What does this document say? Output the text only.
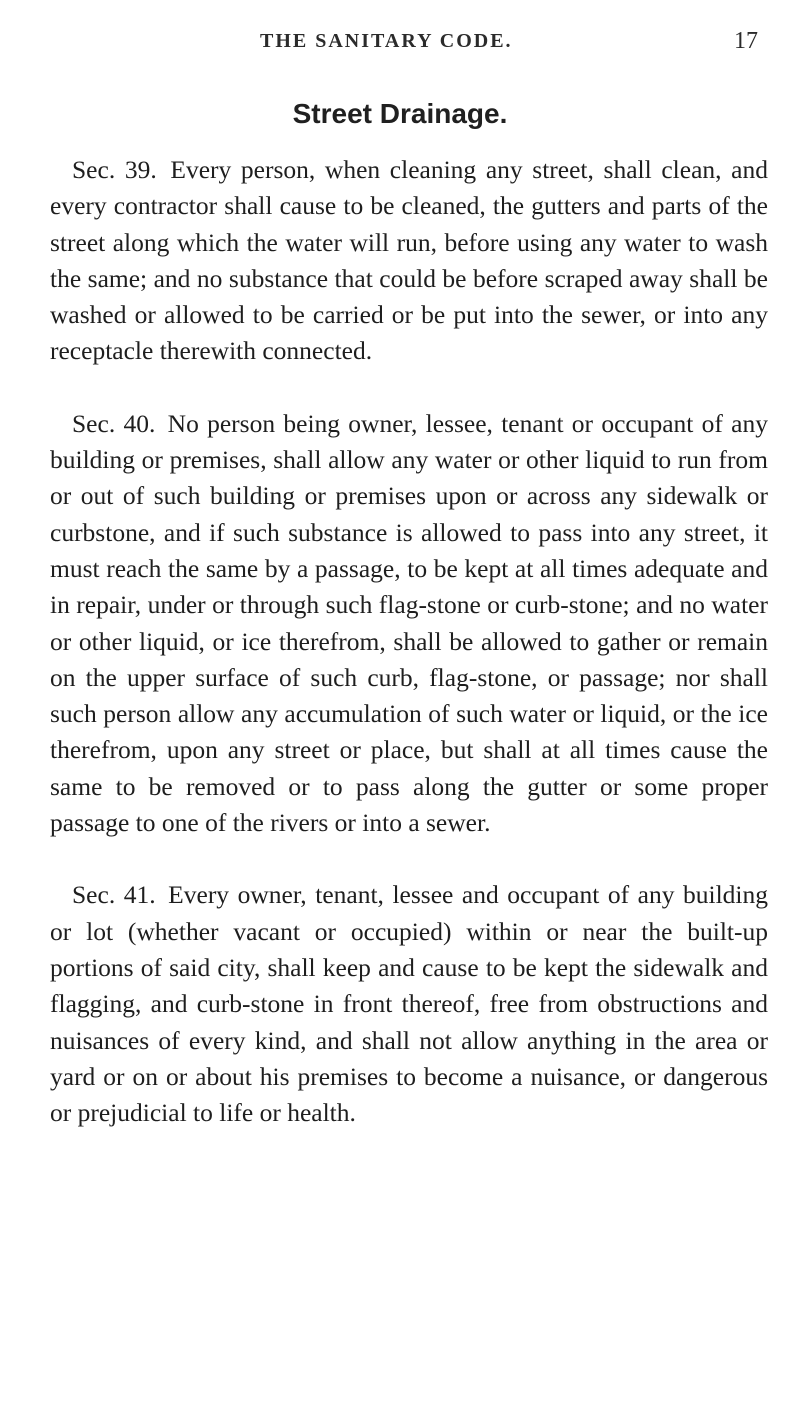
THE SANITARY CODE.	17
Street Drainage.

Sec. 39. Every person, when cleaning any street, shall clean, and every contractor shall cause to be cleaned, the gutters and parts of the street along which the water will run, before using any water to wash the same; and no substance that could be before scraped away shall be washed or allowed to be carried or be put into the sewer, or into any receptacle therewith connected.

Sec. 40. No person being owner, lessee, tenant or occupant of any building or premises, shall allow any water or other liquid to run from or out of such building or premises upon or across any sidewalk or curbstone, and if such substance is allowed to pass into any street, it must reach the same by a passage, to be kept at all times adequate and in repair, under or through such flag-stone or curb-stone; and no water or other liquid, or ice therefrom, shall be allowed to gather or remain on the upper surface of such curb, flag-stone, or passage; nor shall such person allow any accumulation of such water or liquid, or the ice therefrom, upon any street or place, but shall at all times cause the same to be removed or to pass along the gutter or some proper passage to one of the rivers or into a sewer.

Sec. 41. Every owner, tenant, lessee and occupant of any building or lot (whether vacant or occupied) within or near the built-up portions of said city, shall keep and cause to be kept the sidewalk and flagging, and curb-stone in front thereof, free from obstructions and nuisances of every kind, and shall not allow anything in the area or yard or on or about his premises to become a nuisance, or dangerous or prejudicial to life or health.
